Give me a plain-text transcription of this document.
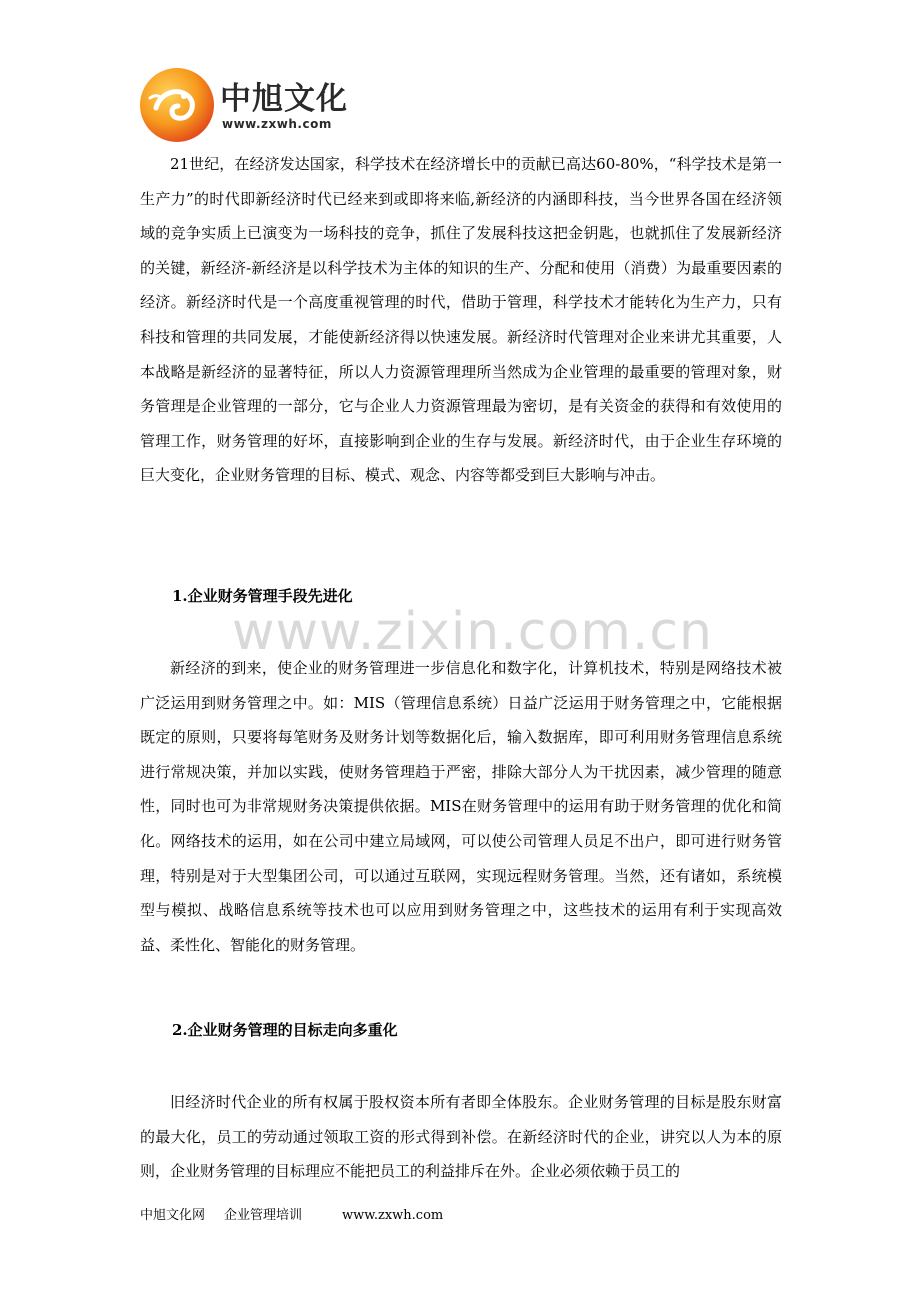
中旭文化
www.zxwh.com

21世纪，在经济发达国家，科学技术在经济增长中的贡献已高达60-80%，“科学技术是第一生产力”的时代即新经济时代已经来到或即将来临,新经济的内涵即科技，当今世界各国在经济领域的竞争实质上已演变为一场科技的竞争，抓住了发展科技这把金钥匙，也就抓住了发展新经济的关键，新经济-新经济是以科学技术为主体的知识的生产、分配和使用（消费）为最重要因素的经济。新经济时代是一个高度重视管理的时代，借助于管理，科学技术才能转化为生产力，只有科技和管理的共同发展，才能使新经济得以快速发展。新经济时代管理对企业来讲尤其重要，人本战略是新经济的显著特征，所以人力资源管理理所当然成为企业管理的最重要的管理对象，财务管理是企业管理的一部分，它与企业人力资源管理最为密切，是有关资金的获得和有效使用的管理工作，财务管理的好坏，直接影响到企业的生存与发展。新经济时代，由于企业生存环境的巨大变化，企业财务管理的目标、模式、观念、内容等都受到巨大影响与冲击。

1.企业财务管理手段先进化

www.zixin.com.cn

新经济的到来，使企业的财务管理进一步信息化和数字化，计算机技术，特别是网络技术被广泛运用到财务管理之中。如：MIS（管理信息系统）日益广泛运用于财务管理之中，它能根据既定的原则，只要将每笔财务及财务计划等数据化后，输入数据库，即可利用财务管理信息系统进行常规决策，并加以实践，使财务管理趋于严密，排除大部分人为干扰因素，减少管理的随意性，同时也可为非常规财务决策提供依据。MIS在财务管理中的运用有助于财务管理的优化和简化。网络技术的运用，如在公司中建立局域网，可以使公司管理人员足不出户，即可进行财务管理，特别是对于大型集团公司，可以通过互联网，实现远程财务管理。当然，还有诸如，系统模型与模拟、战略信息系统等技术也可以应用到财务管理之中，这些技术的运用有利于实现高效益、柔性化、智能化的财务管理。

2.企业财务管理的目标走向多重化

旧经济时代企业的所有权属于股权资本所有者即全体股东。企业财务管理的目标是股东财富的最大化，员工的劳动通过领取工资的形式得到补偿。在新经济时代的企业，讲究以人为本的原则，企业财务管理的目标理应不能把员工的利益排斥在外。企业必须依赖于员工的

中旭文化网 企业管理培训	www.zxwh.com
